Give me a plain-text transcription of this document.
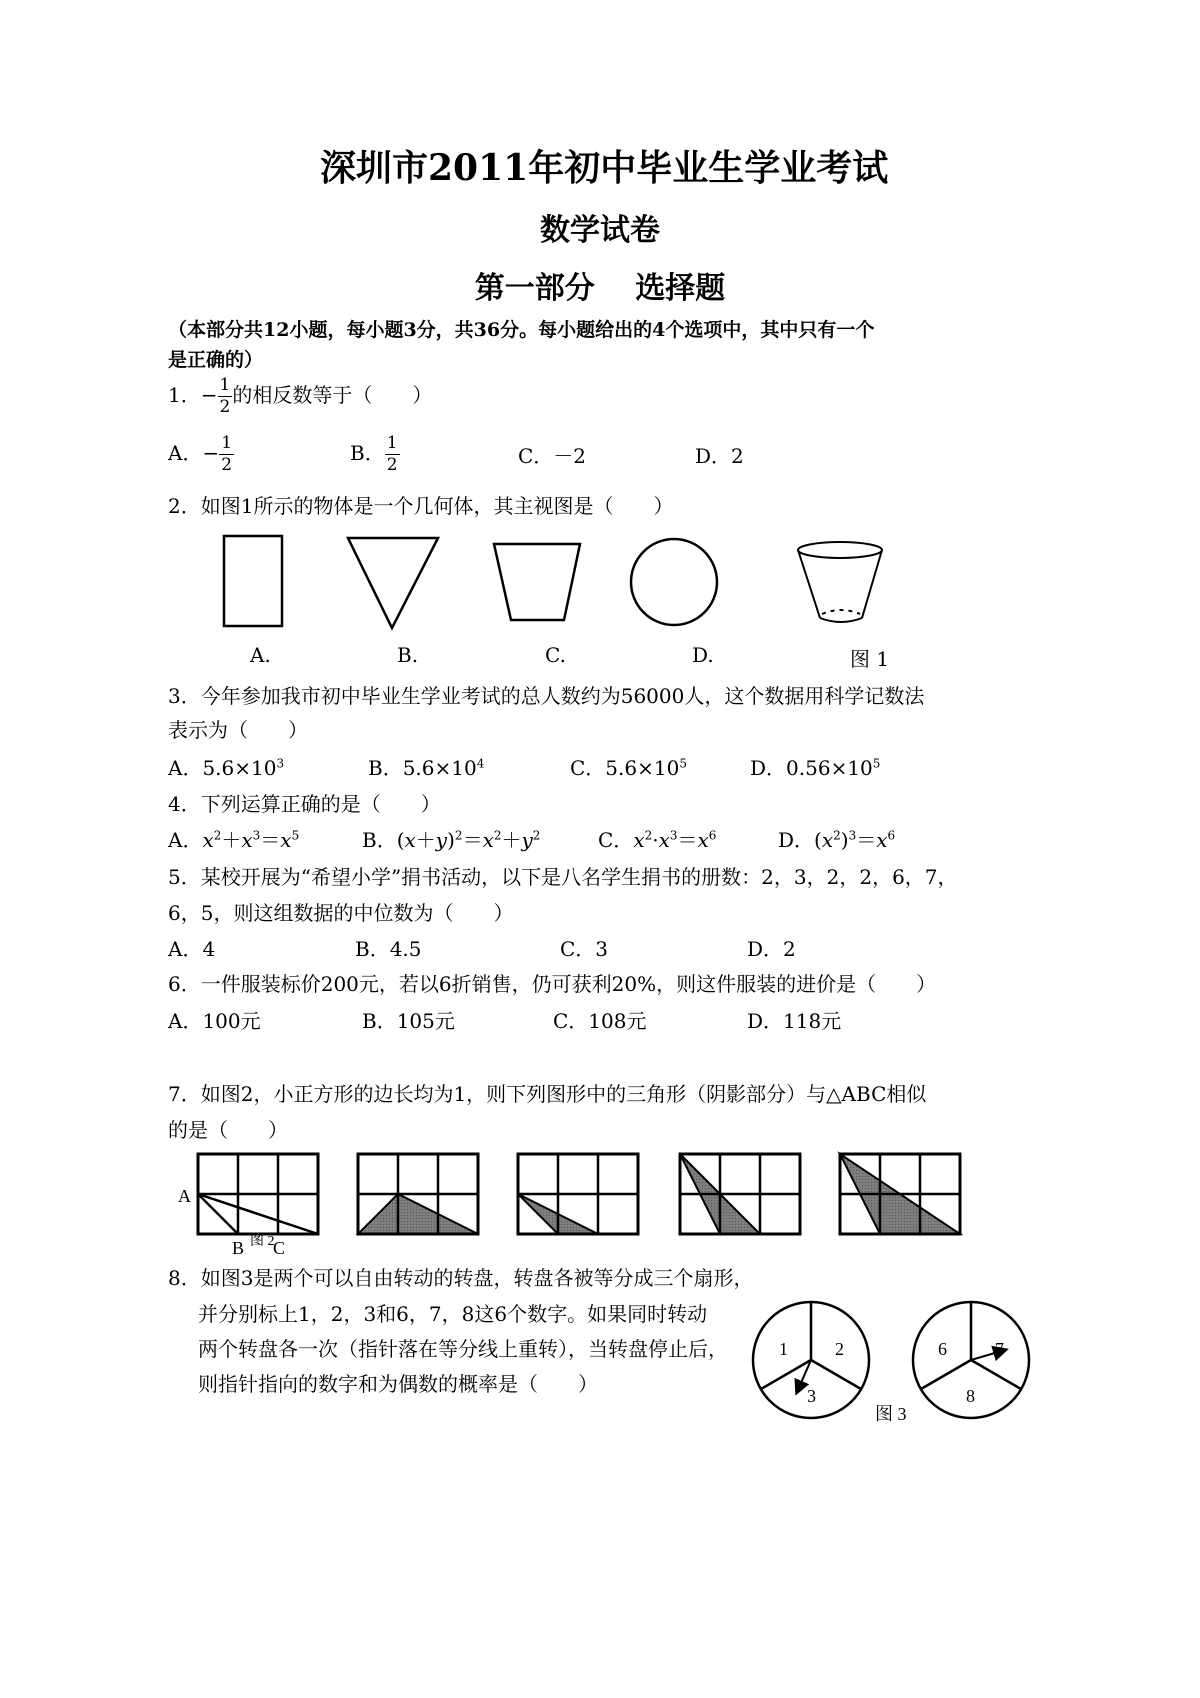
深圳市2011年初中毕业生学业考试
数学试卷
第一部分　 选择题
（本部分共12小题，每小题3分，共36分。每小题给出的4个选项中，其中只有一个
是正确的）
1．− $\frac{1}{2}$ 的相反数等于（　　）
A．− $\frac{1}{2}$	B． $\frac{1}{2}$	C．－2	D．2
2．如图1所示的物体是一个几何体，其主视图是（　　）
A.	B.	C.	D.	图 1
3．今年参加我市初中毕业生学业考试的总人数约为56000人，这个数据用科学记数法
表示为（　　）
A．$5.6\times 10^3$	B．$5.6\times 10^4$	C．$5.6\times 10^5$	D．$0.56\times 10^5$
4．下列运算正确的是（　　）
A．$x^2+x^3=x^5$	B．$(x+y)^2=x^2+y^2$	C．$x^2\cdot x^3=x^6$	D．$(x^2)^3=x^6$
5．某校开展为“希望小学”捐书活动，以下是八名学生捐书的册数：2，3，2，2，6，7，
6，5，则这组数据的中位数为（　　）
A．4	B．4.5	C．3	D．2
6．一件服装标价200元，若以6折销售，仍可获利20%，则这件服装的进价是（　　）
A．100元	B．105元	C．108元	D．118元
7．如图2，小正方形的边长均为1，则下列图形中的三角形（阴影部分）与△ABC相似
的是（　　）
A
B C
图 2
8．如图3是两个可以自由转动的转盘，转盘各被等分成三个扇形，
并分别标上1，2，3和6，7，8这6个数字。如果同时转动
两个转盘各一次（指针落在等分线上重转），当转盘停止后，
则指针指向的数字和为偶数的概率是（　　）
1	2
3
6	7
8
图 3
